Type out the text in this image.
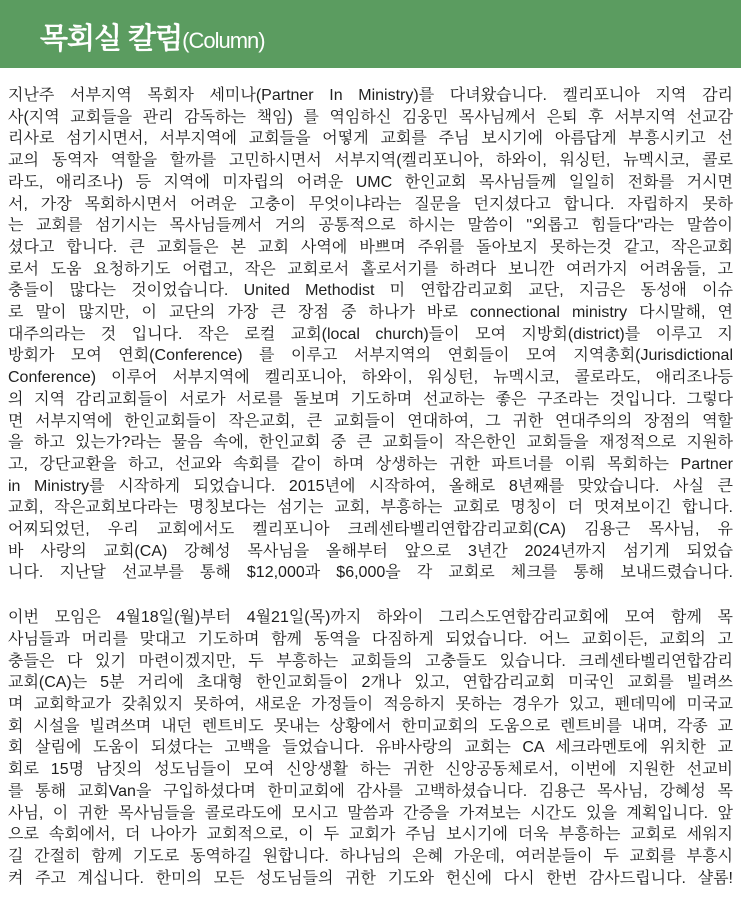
목회실 칼럼 (Column)
지난주 서부지역 목회자 세미나(Partner In Ministry)를 다녀왔습니다. 켈리포니아 지역 감리
사(지역 교회들을 관리 감독하는 책임) 를 역임하신 김웅민 목사님께서 은퇴 후 서부지역 선교감
리사로 섬기시면서, 서부지역에 교회들을 어떻게 교회를 주님 보시기에 아름답게 부흥시키고 선
교의 동역자 역할을 할까를 고민하시면서 서부지역(켈리포니아, 하와이, 워싱턴, 뉴멕시코, 콜로
라도, 애리조나) 등 지역에 미자립의 어려운 UMC 한인교회 목사님들께 일일히 전화를 거시면
서, 가장 목회하시면서 어려운 고충이 무엇이냐라는 질문을 던지셨다고 합니다. 자립하지 못하
는 교회를 섬기시는 목사님들께서 거의 공통적으로 하시는 말씀이 "외롭고 힘들다"라는 말씀이
셨다고 합니다. 큰 교회들은 본 교회 사역에 바쁘며 주위를 돌아보지 못하는것 같고, 작은교회
로서 도움 요청하기도 어렵고, 작은 교회로서 홀로서기를 하려다 보니깐 여러가지 어려움들, 고
충들이 많다는 것이었습니다. United Methodist 미 연합감리교회 교단, 지금은 동성애 이슈
로 말이 많지만, 이 교단의 가장 큰 장점 중 하나가 바로 connectional ministry 다시말해, 연
대주의라는 것 입니다. 작은 로컬 교회(local church)들이 모여 지방회(district)를 이루고 지
방회가 모여 연회(Conference) 를 이루고 서부지역의 연회들이 모여 지역총회(Jurisdictional
Conference) 이루어 서부지역에 켈리포니아, 하와이, 워싱턴, 뉴멕시코, 콜로라도, 애리조나등
의 지역 감리교회들이 서로가 서로를 돌보며 기도하며 선교하는 좋은 구조라는 것입니다. 그렇다
면 서부지역에 한인교회들이 작은교회, 큰 교회들이 연대하여, 그 귀한 연대주의의 장점의 역할
을 하고 있는가?라는 물음 속에, 한인교회 중 큰 교회들이 작은한인 교회들을 재정적으로 지원하
고, 강단교환을 하고, 선교와 속회를 같이 하며 상생하는 귀한 파트너를 이뤄 목회하는 Partner
in Ministry를 시작하게 되었습니다. 2015년에 시작하여, 올해로 8년째를 맞았습니다. 사실 큰
교회, 작은교회보다라는 명칭보다는 섬기는 교회, 부흥하는 교회로 명칭이 더 멋져보이긴 합니다.
어찌되었던, 우리 교회에서도 켈리포니아 크레센타벨리연합감리교회(CA) 김용근 목사님, 유
바 사랑의 교회(CA) 강혜성 목사님을 올해부터 앞으로 3년간 2024년까지 섬기게 되었습
니다. 지난달 선교부를 통해 $12,000과 $6,000을 각 교회로 체크를 통해 보내드렸습니다.
이번 모임은 4월18일(월)부터 4월21일(목)까지 하와이 그리스도연합감리교회에 모여 함께 목
사님들과 머리를 맞대고 기도하며 함께 동역을 다짐하게 되었습니다. 어느 교회이든, 교회의 고
충들은 다 있기 마련이겠지만, 두 부흥하는 교회들의 고충들도 있습니다. 크레센타벨리연합감리
교회(CA)는 5분 거리에 초대형 한인교회들이 2개나 있고, 연합감리교회 미국인 교회를 빌려쓰
며 교회학교가 갖춰있지 못하여, 새로운 가정들이 적응하지 못하는 경우가 있고, 펜데믹에 미국교
회 시설을 빌려쓰며 내던 렌트비도 못내는 상황에서 한미교회의 도움으로 렌트비를 내며, 각종 교
회 살림에 도움이 되셨다는 고백을 들었습니다. 유바사랑의 교회는 CA 세크라멘토에 위치한 교
회로 15명 남짓의 성도님들이 모여 신앙생활 하는 귀한 신앙공동체로서, 이번에 지원한 선교비
를 통해 교회Van을 구입하셨다며 한미교회에 감사를 고백하셨습니다. 김용근 목사님, 강혜성 목
사님, 이 귀한 목사님들을 콜로라도에 모시고 말씀과 간증을 가져보는 시간도 있을 계획입니다. 앞
으로 속회에서, 더 나아가 교회적으로, 이 두 교회가 주님 보시기에 더욱 부흥하는 교회로 세워지
길 간절히 함께 기도로 동역하길 원합니다. 하나님의 은혜 가운데, 여러분들이 두 교회를 부흥시
켜 주고 계십니다. 한미의 모든 성도님들의 귀한 기도와 헌신에 다시 한번 감사드립니다. 샬롬!
